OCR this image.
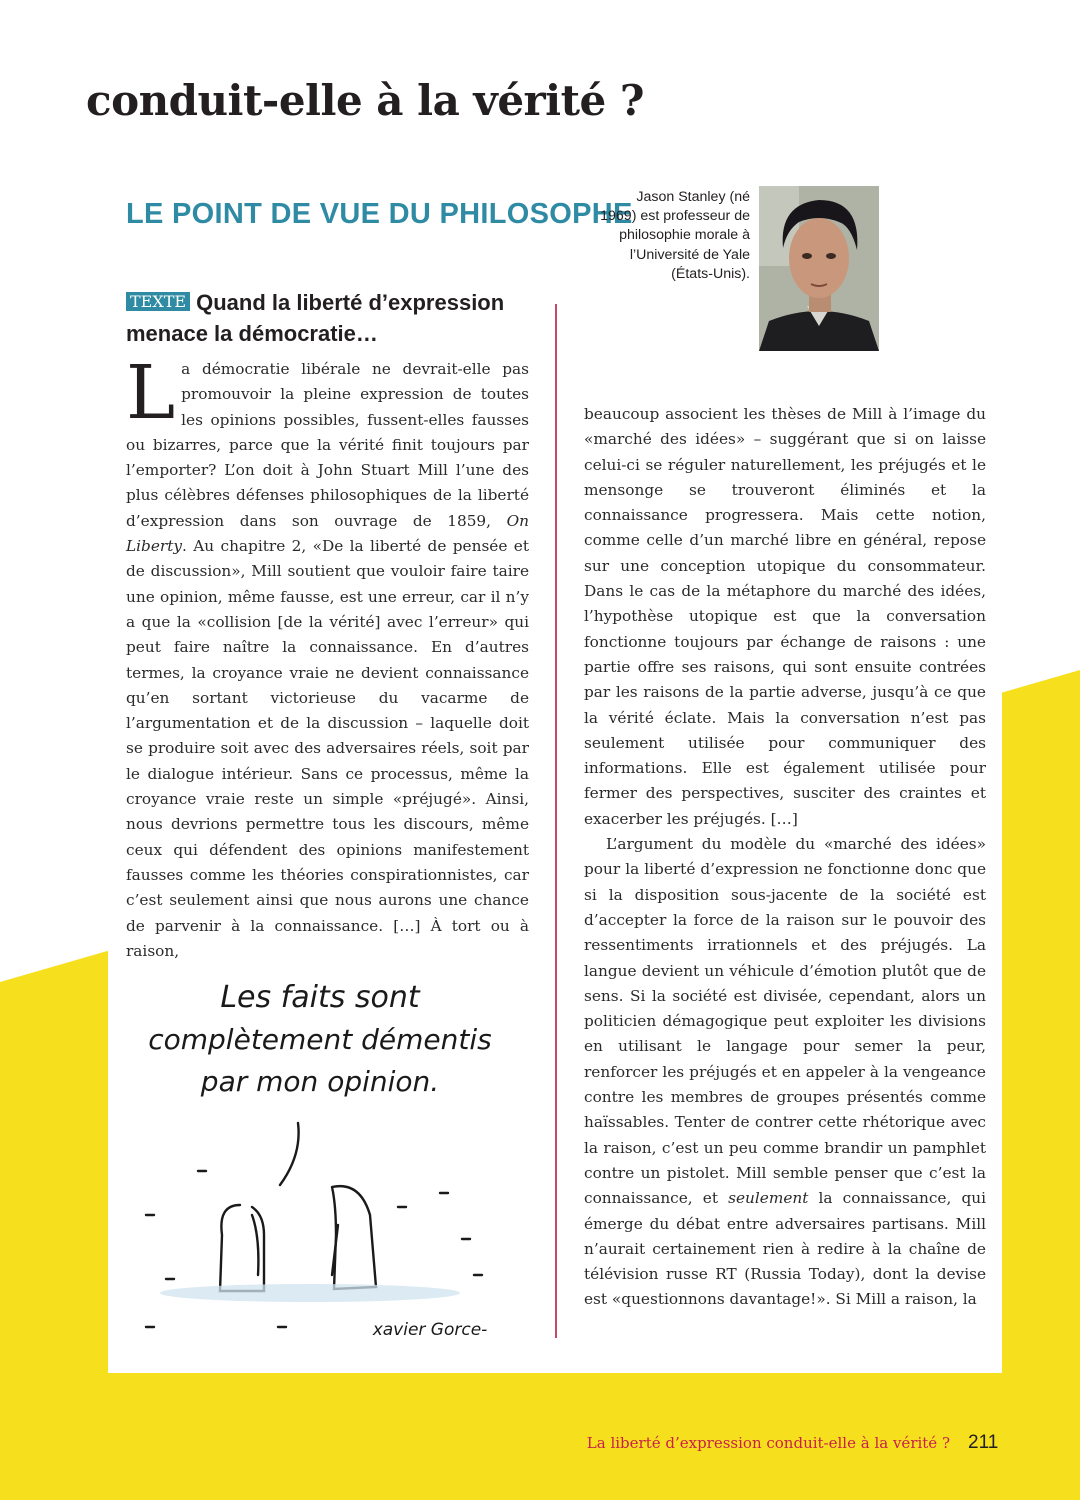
conduit-elle à la vérité ?
LE POINT DE VUE DU PHILOSOPHE
TEXTE Quand la liberté d’expression menace la démocratie…
Jason Stanley (né 1969) est professeur de philosophie morale à l’Université de Yale (États-Unis).

La démocratie libérale ne devrait-elle pas promouvoir la pleine expression de toutes les opinions possibles, fussent-elles fausses ou bizarres, parce que la vérité finit toujours par l’emporter? L’on doit à John Stuart Mill l’une des plus célèbres défenses philosophiques de la liberté d’expression dans son ouvrage de 1859, On Liberty. Au chapitre 2, «De la liberté de pensée et de discussion», Mill soutient que vouloir faire taire une opinion, même fausse, est une erreur, car il n’y a que la «collision [de la vérité] avec l’erreur» qui peut faire naître la connaissance. En d’autres termes, la croyance vraie ne devient connaissance qu’en sortant victorieuse du vacarme de l’argumentation et de la discussion – laquelle doit se produire soit avec des adversaires réels, soit par le dialogue intérieur. Sans ce processus, même la croyance vraie reste un simple «préjugé». Ainsi, nous devrions permettre tous les discours, même ceux qui défendent des opinions manifestement fausses comme les théories conspirationnistes, car c’est seulement ainsi que nous aurons une chance de parvenir à la connaissance. […] À tort ou à raison,

beaucoup associent les thèses de Mill à l’image du «marché des idées» – suggérant que si on laisse celui-ci se réguler naturellement, les préjugés et le mensonge se trouveront éliminés et la connaissance progressera. Mais cette notion, comme celle d’un marché libre en général, repose sur une conception utopique du consommateur. Dans le cas de la métaphore du marché des idées, l’hypothèse utopique est que la conversation fonctionne toujours par échange de raisons : une partie offre ses raisons, qui sont ensuite contrées par les raisons de la partie adverse, jusqu’à ce que la vérité éclate. Mais la conversation n’est pas seulement utilisée pour communiquer des informations. Elle est également utilisée pour fermer des perspectives, susciter des craintes et exacerber les préjugés. […]

L’argument du modèle du «marché des idées» pour la liberté d’expression ne fonctionne donc que si la disposition sous-jacente de la société est d’accepter la force de la raison sur le pouvoir des ressentiments irrationnels et des préjugés. La langue devient un véhicule d’émotion plutôt que de sens. Si la société est divisée, cependant, alors un politicien démagogique peut exploiter les divisions en utilisant le langage pour semer la peur, renforcer les préjugés et en appeler à la vengeance contre les membres de groupes présentés comme haïssables. Tenter de contrer cette rhétorique avec la raison, c’est un peu comme brandir un pamphlet contre un pistolet. Mill semble penser que c’est la connaissance, et seulement la connaissance, qui émerge du débat entre adversaires partisans. Mill n’aurait certainement rien à redire à la chaîne de télévision russe RT (Russia Today), dont la devise est «questionnons davantage!». Si Mill a raison, la

Les faits sont
complètement démentis
par mon opinion.
xavier Gorce-
La liberté d’expression conduit-elle à la vérité ? 211
